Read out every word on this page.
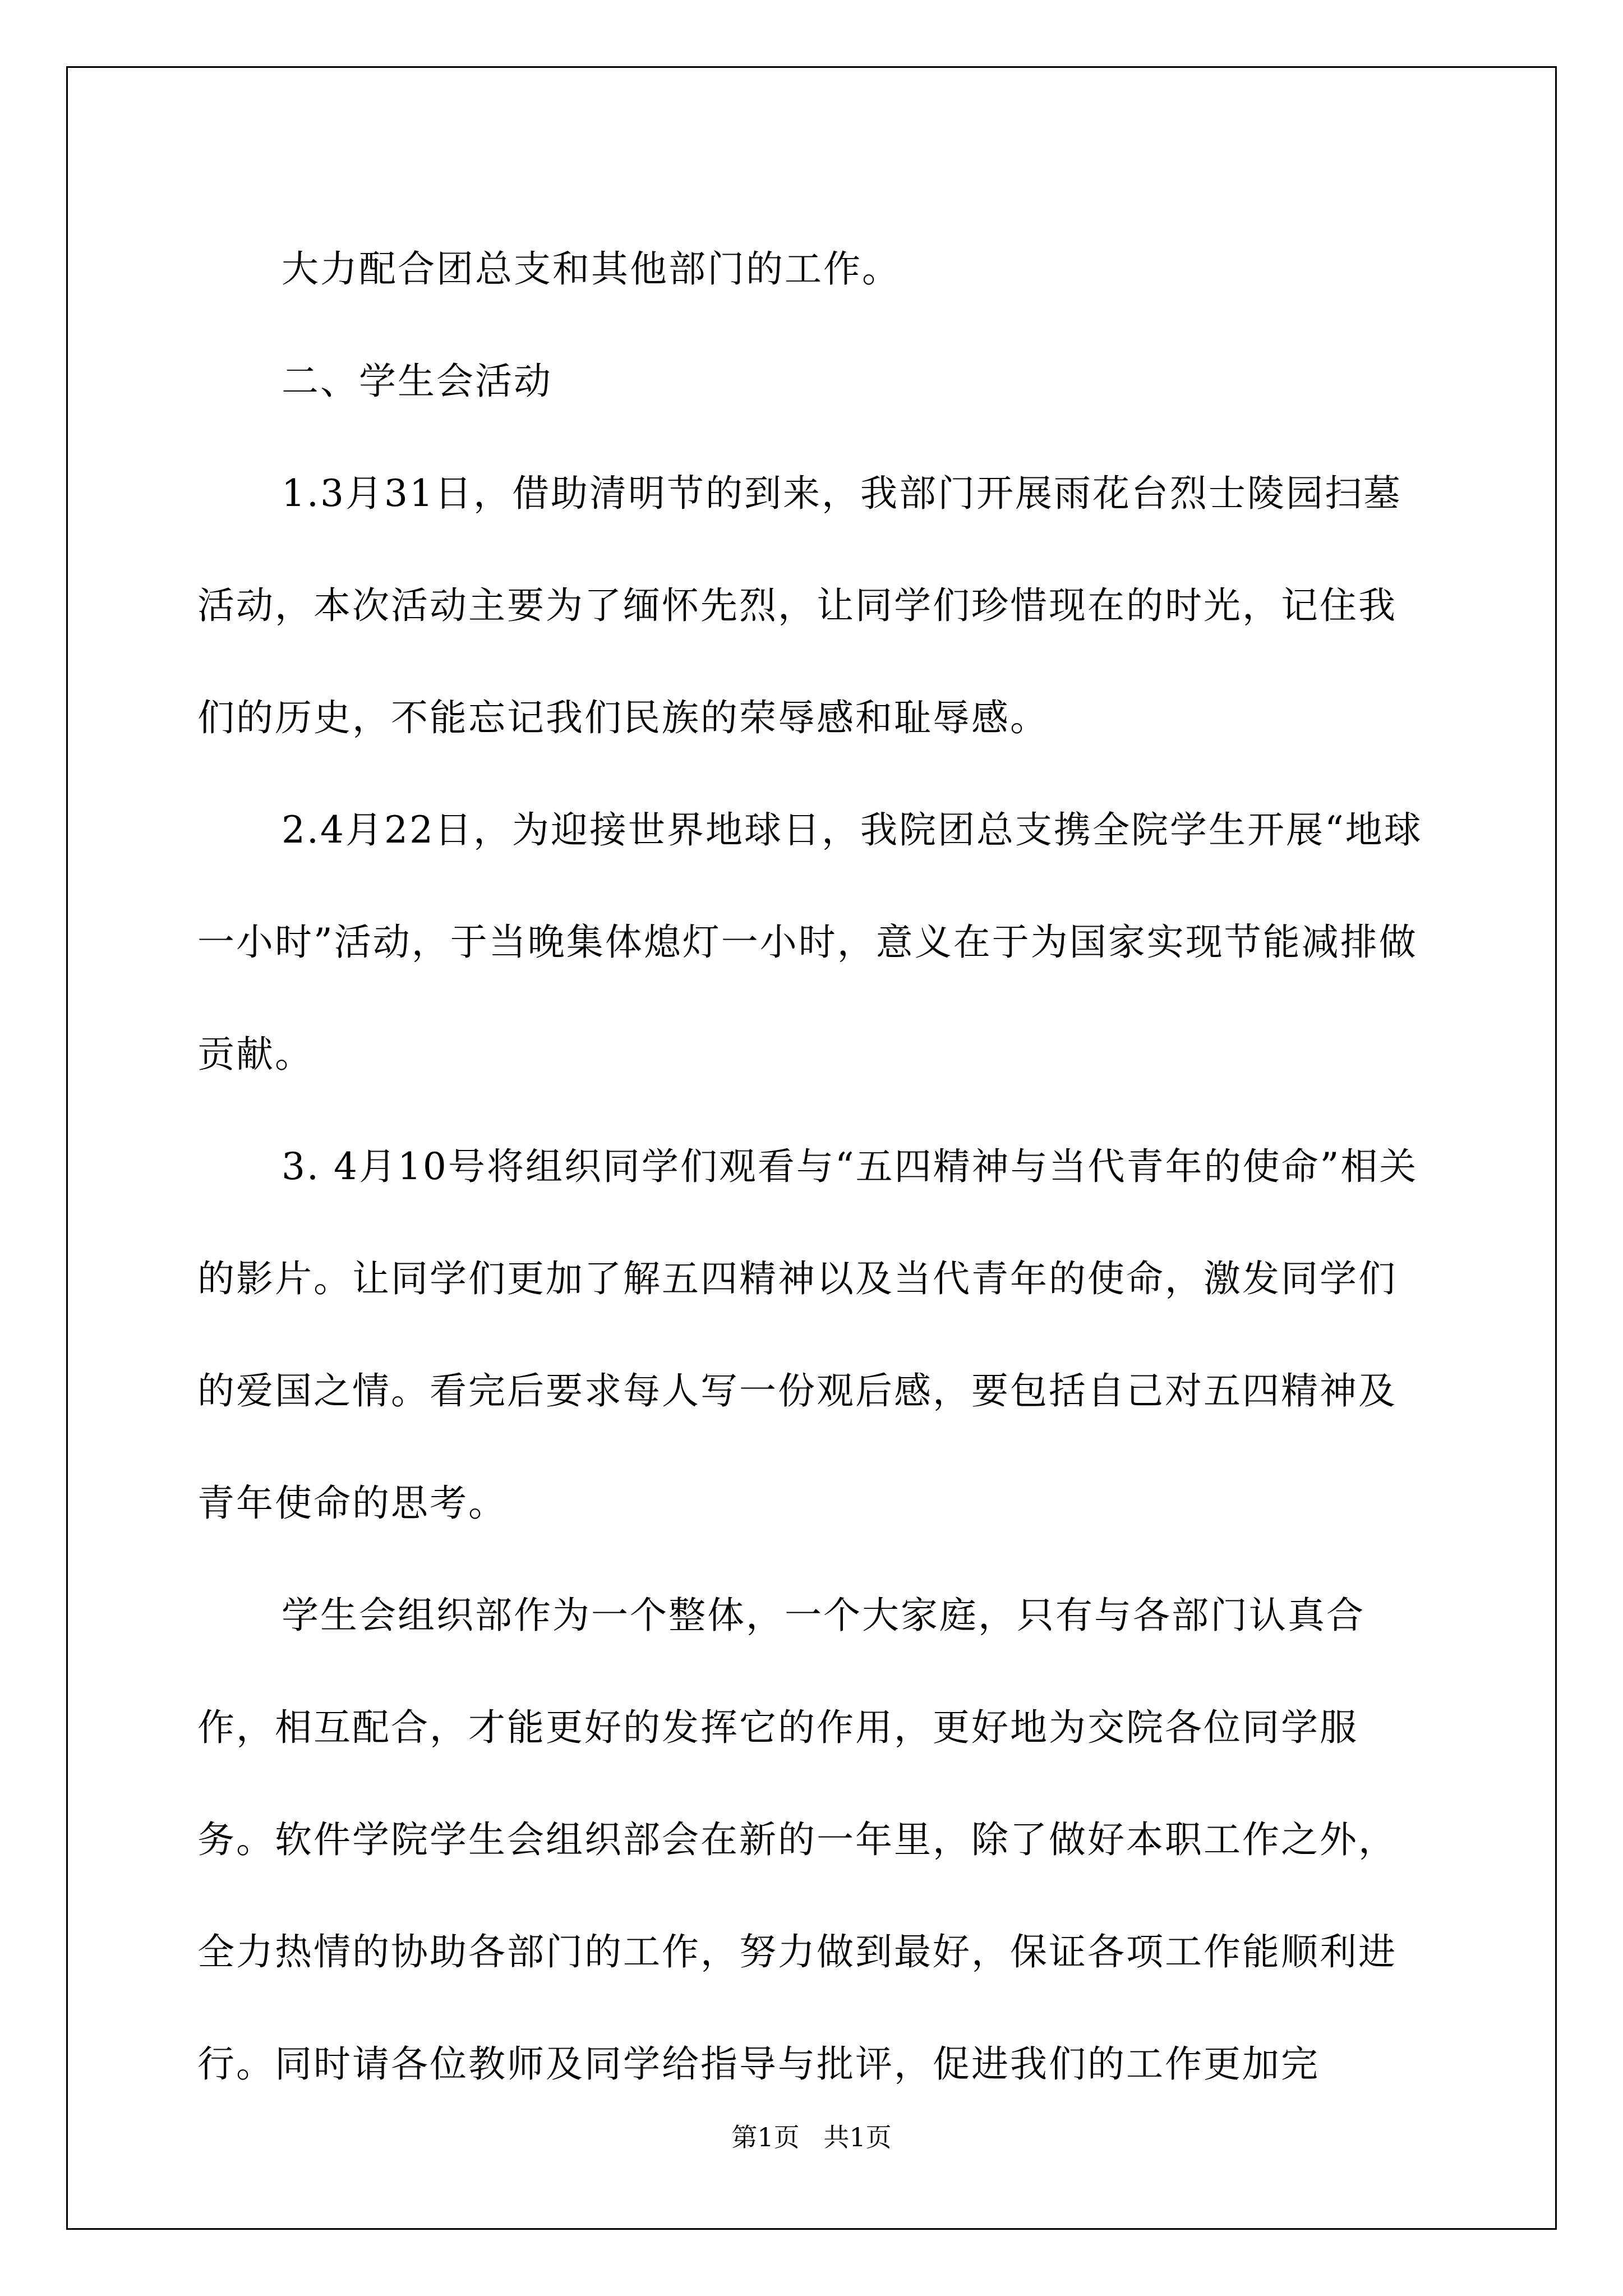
大力配合团总支和其他部门的工作。

二、学生会活动

1.3月31日，借助清明节的到来，我部门开展雨花台烈士陵园扫墓活动，本次活动主要为了缅怀先烈，让同学们珍惜现在的时光，记住我们的历史，不能忘记我们民族的荣辱感和耻辱感。

2.4月22日，为迎接世界地球日，我院团总支携全院学生开展“地球一小时”活动，于当晚集体熄灯一小时，意义在于为国家实现节能减排做贡献。

3. 4月10号将组织同学们观看与“五四精神与当代青年的使命”相关的影片。让同学们更加了解五四精神以及当代青年的使命，激发同学们的爱国之情。看完后要求每人写一份观后感，要包括自己对五四精神及青年使命的思考。

学生会组织部作为一个整体，一个大家庭，只有与各部门认真合作，相互配合，才能更好的发挥它的作用，更好地为交院各位同学服务。软件学院学生会组织部会在新的一年里，除了做好本职工作之外，全力热情的协助各部门的工作，努力做到最好，保证各项工作能顺利进行。同时请各位教师及同学给指导与批评，促进我们的工作更加完

第1页 共1页
